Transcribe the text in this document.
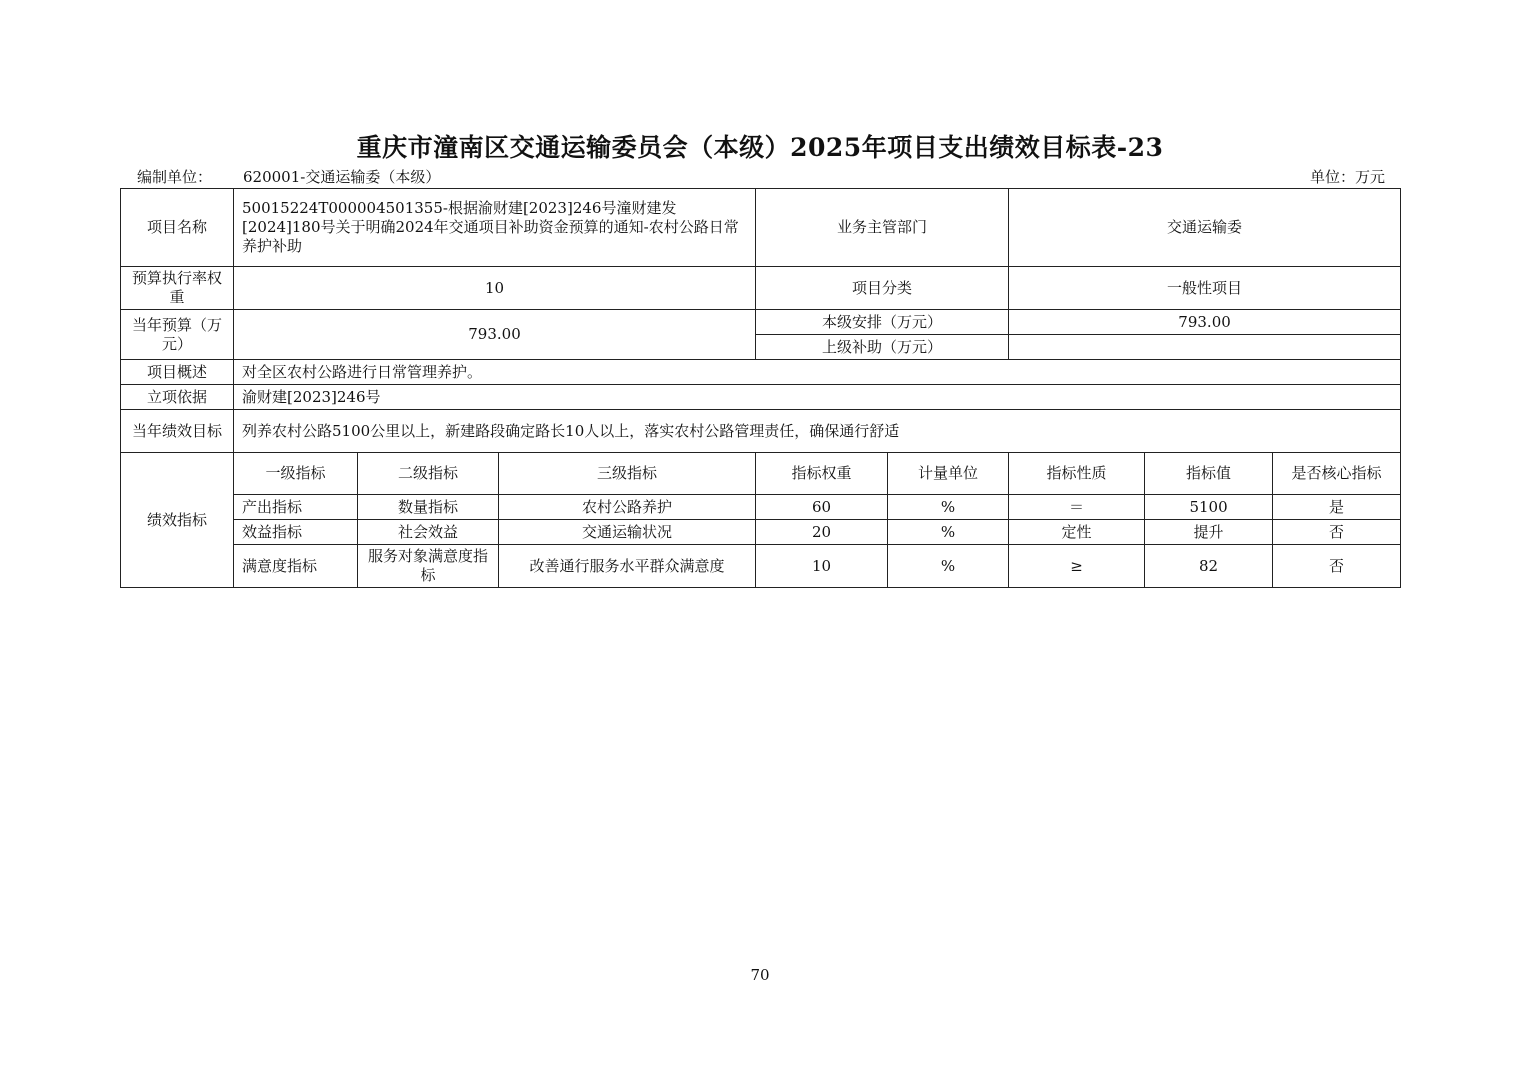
重庆市潼南区交通运输委员会（本级）2025年项目支出绩效目标表-23
编制单位： 620001-交通运输委（本级）	单位：万元
项目名称	50015224T000004501355-根据渝财建[2023]246号潼财建发[2024]180号关于明确2024年交通项目补助资金预算的通知-农村公路日常养护补助			业务主管部门		交通运输委		
预算执行率权重	10			项目分类		一般性项目		
当年预算（万元）	793.00			本级安排（万元）		793.00		
				上级补助（万元）				
项目概述	对全区农村公路进行日常管理养护。							
立项依据	渝财建[2023]246号							
当年绩效目标	列养农村公路5100公里以上，新建路段确定路长10人以上，落实农村公路管理责任，确保通行舒适							
绩效指标	一级指标	二级指标	三级指标	指标权重	计量单位	指标性质	指标值	是否核心指标
	产出指标	数量指标	农村公路养护	60	%	＝	5100	是
	效益指标	社会效益	交通运输状况	20	%	定性	提升	否
	满意度指标	服务对象满意度指标	改善通行服务水平群众满意度	10	%	≥	82	否
70
